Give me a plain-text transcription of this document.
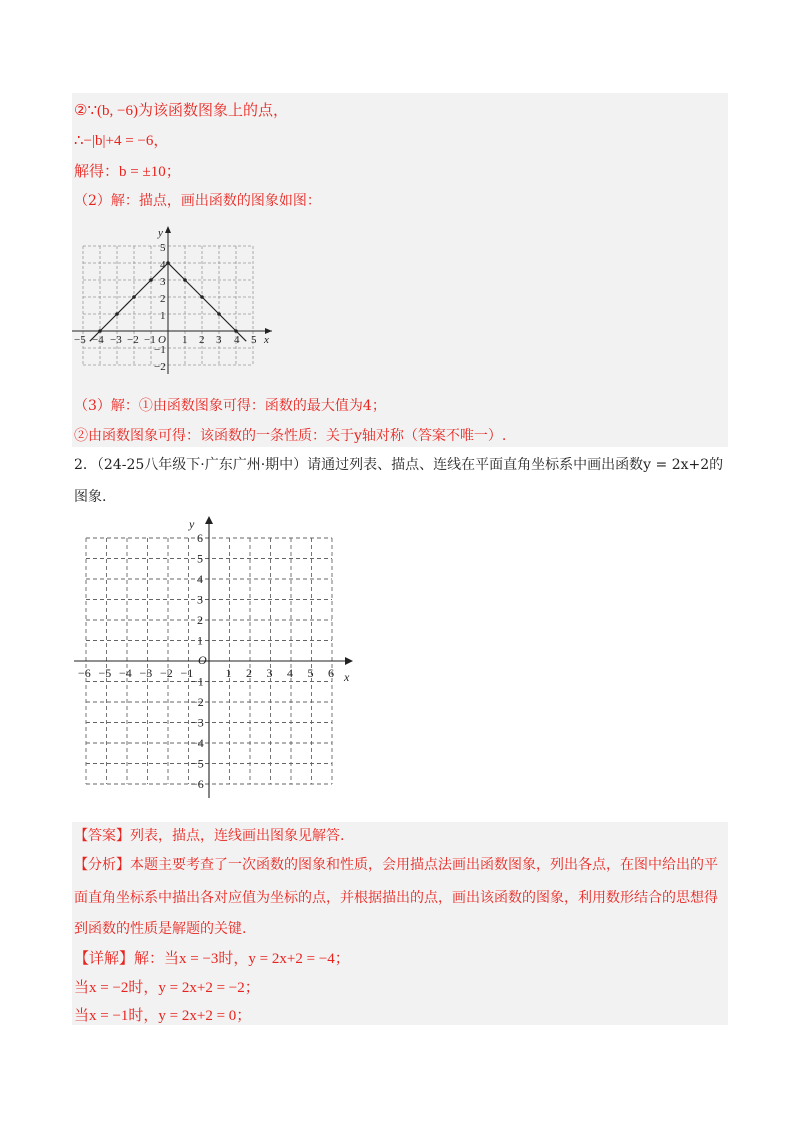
②∵(b, −6)为该函数图象上的点，
∴−|b|+4 = −6，
解得：b = ±10；
（2）解：描点，画出函数的图象如图：
−5 −4 −3 −2 −1 O 1 2 3 4 5 x
y
5
4
3
2
1
−1
−2
（3）解：①由函数图象可得：函数的最大值为4；
②由函数图象可得：该函数的一条性质：关于y轴对称（答案不唯一）.
2．（24-25八年级下·广东广州·期中）请通过列表、描点、连线在平面直角坐标系中画出函数y = 2x+2的
图象.
−6 −5 −4 −3 −2 −1
O
1 2 3 4 5 6 x
y
6
5
4
3
2
1
−1
−2
−3
−4
−5
−6
【答案】列表，描点，连线画出图象见解答.
【分析】本题主要考查了一次函数的图象和性质，会用描点法画出函数图象，列出各点，在图中给出的平
面直角坐标系中描出各对应值为坐标的点，并根据描出的点，画出该函数的图象，利用数形结合的思想得
到函数的性质是解题的关键.
【详解】解：当x = −3时，y = 2x+2 = −4；
当x = −2时，y = 2x+2 = −2；
当x = −1时，y = 2x+2 = 0；
